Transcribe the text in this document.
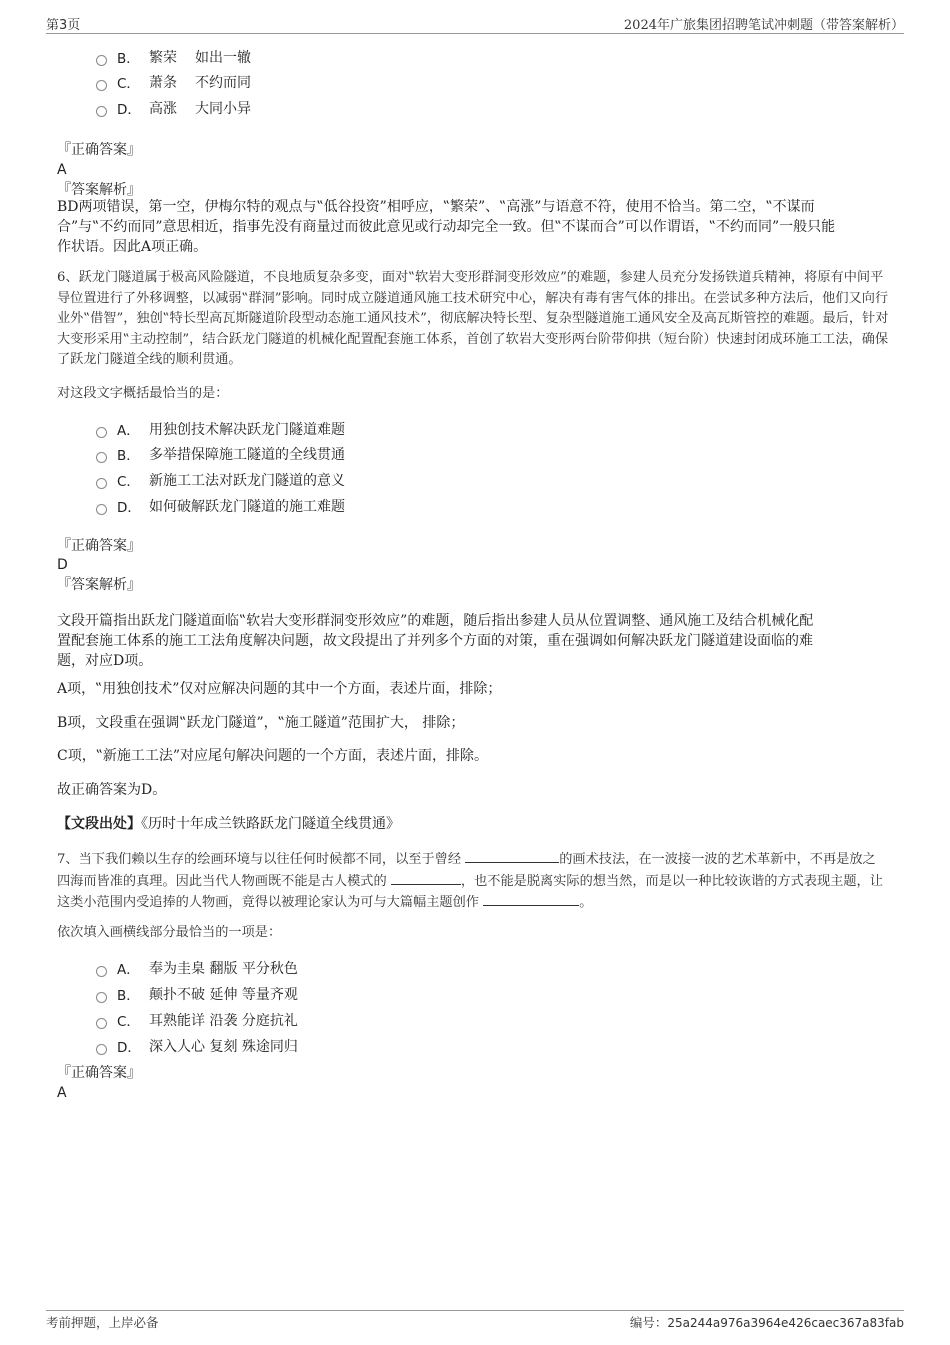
第3页	2024年广旅集团招聘笔试冲刺题（带答案解析）
B． 繁荣 如出一辙
C． 萧条 不约而同
D． 高涨 大同小异
『正确答案』
A
『答案解析』
BD两项错误，第一空，伊梅尔特的观点与‟低谷投资”相呼应，‟繁荣”、‟高涨”与语意不符，使用不恰当。第二空，‟不谋而
合”与‟不约而同”意思相近，指事先没有商量过而彼此意见或行动却完全一致。但‟不谋而合”可以作谓语，‟不约而同”一般只能
作状语。因此A项正确。
6、跃龙门隧道属于极高风险隧道，不良地质复杂多变，面对‟软岩大变形群洞变形效应”的难题，参建人员充分发扬铁道兵精神，将原有中间平
导位置进行了外移调整，以减弱‟群洞”影响。同时成立隧道通风施工技术研究中心，解决有毒有害气体的排出。在尝试多种方法后，他们又向行
业外‟借智”，独创‟特长型高瓦斯隧道阶段型动态施工通风技术”，彻底解决特长型、复杂型隧道施工通风安全及高瓦斯管控的难题。最后，针对
大变形采用‟主动控制”，结合跃龙门隧道的机械化配置配套施工体系，首创了软岩大变形两台阶带仰拱（短台阶）快速封闭成环施工工法，确保
了跃龙门隧道全线的顺利贯通。
对这段文字概括最恰当的是：
A． 用独创技术解决跃龙门隧道难题
B． 多举措保障施工隧道的全线贯通
C． 新施工工法对跃龙门隧道的意义
D． 如何破解跃龙门隧道的施工难题
『正确答案』
D
『答案解析』
文段开篇指出跃龙门隧道面临‟软岩大变形群洞变形效应”的难题，随后指出参建人员从位置调整、通风施工及结合机械化配
置配套施工体系的施工工法角度解决问题，故文段提出了并列多个方面的对策，重在强调如何解决跃龙门隧道建设面临的难
题，对应D项。
A项，‟用独创技术”仅对应解决问题的其中一个方面，表述片面，排除；
B项，文段重在强调‟跃龙门隧道”，‟施工隧道”范围扩大， 排除；
C项，‟新施工工法”对应尾句解决问题的一个方面，表述片面，排除。
故正确答案为D。
【文段出处】《历时十年成兰铁路跃龙门隧道全线贯通》
7、当下我们赖以生存的绘画环境与以往任何时候都不同，以至于曾经	的画术技法，在一波接一波的艺术革新中，不再是放之
四海而皆准的真理。因此当代人物画既不能是古人模式的	，也不能是脱离实际的想当然，而是以一种比较诙谐的方式表现主题，让
这类小范围内受追捧的人物画，竟得以被理论家认为可与大篇幅主题创作	。
依次填入画横线部分最恰当的一项是：
A． 奉为圭臬 翻版 平分秋色
B． 颠扑不破 延伸 等量齐观
C． 耳熟能详 沿袭 分庭抗礼
D． 深入人心 复刻 殊途同归
『正确答案』
A
考前押题，上岸必备	编号：25a244a976a3964e426caec367a83fab
